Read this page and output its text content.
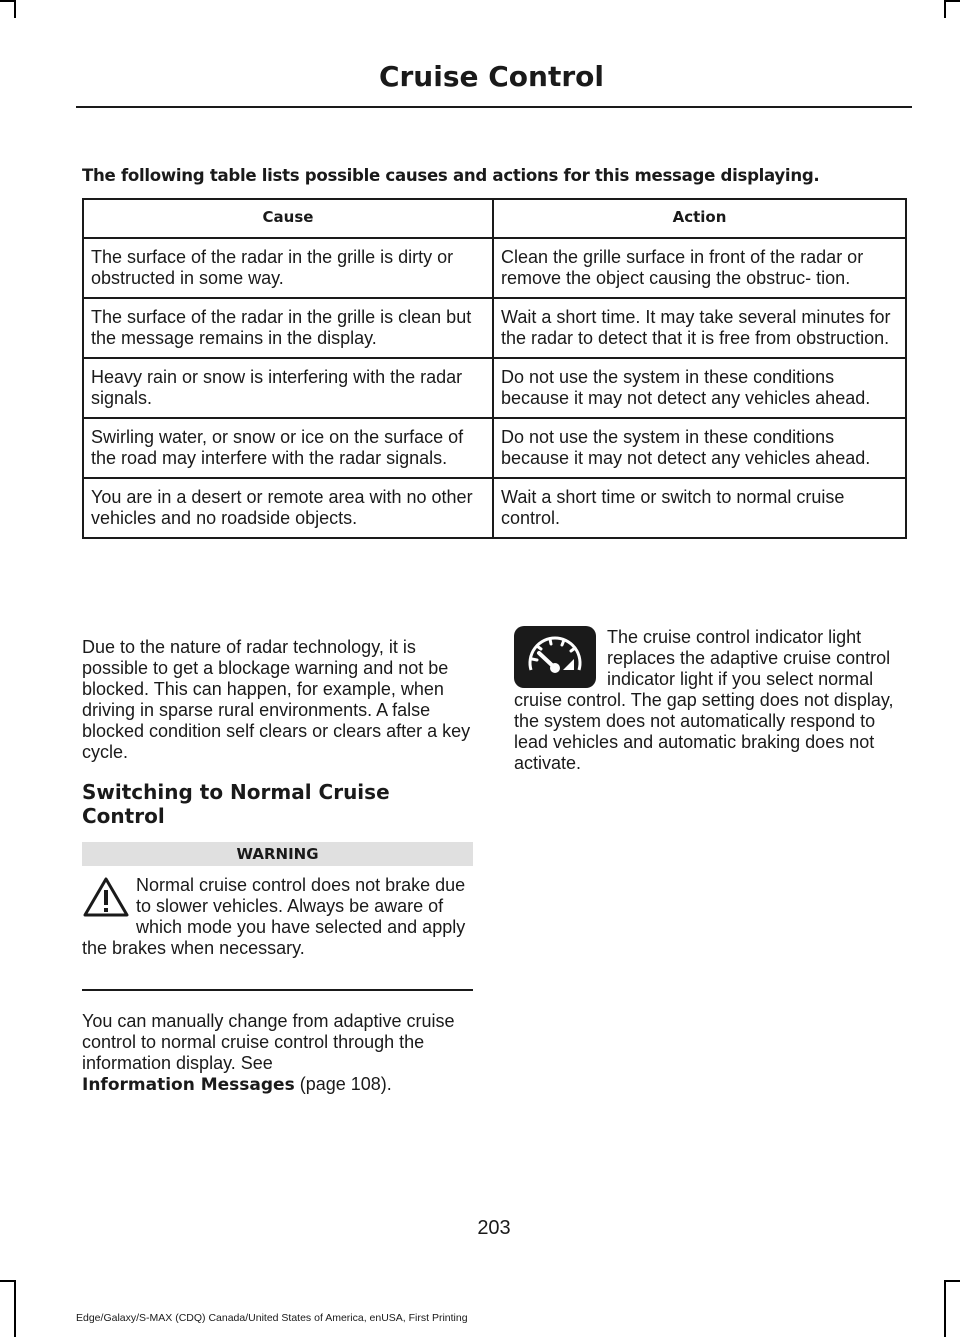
Cruise Control
The following table lists possible causes and actions for this message displaying.
Cause	Action
The surface of the radar in the grille is dirty or obstructed in some way.	Clean the grille surface in front of the radar or remove the object causing the obstruc- tion.
The surface of the radar in the grille is clean but the message remains in the display.	Wait a short time. It may take several minutes for the radar to detect that it is free from obstruction.
Heavy rain or snow is interfering with the radar signals.	Do not use the system in these conditions because it may not detect any vehicles ahead.
Swirling water, or snow or ice on the surface of the road may interfere with the radar signals.	Do not use the system in these conditions because it may not detect any vehicles ahead.
You are in a desert or remote area with no other vehicles and no roadside objects.	Wait a short time or switch to normal cruise control.

Due to the nature of radar technology, it is possible to get a blockage warning and not be blocked. This can happen, for example, when driving in sparse rural environments. A false blocked condition self clears or clears after a key cycle.

Switching to Normal Cruise Control
WARNING

Normal cruise control does not brake due to slower vehicles. Always be aware of which mode you have selected and apply the brakes when necessary.

You can manually change from adaptive cruise control to normal cruise control through the information display. See
Information Messages (page 108).

The cruise control indicator light replaces the adaptive cruise control indicator light if you select normal cruise control. The gap setting does not display, the system does not automatically respond to lead vehicles and automatic braking does not activate.

203
Edge/Galaxy/S-MAX (CDQ) Canada/United States of America, enUSA, First Printing
